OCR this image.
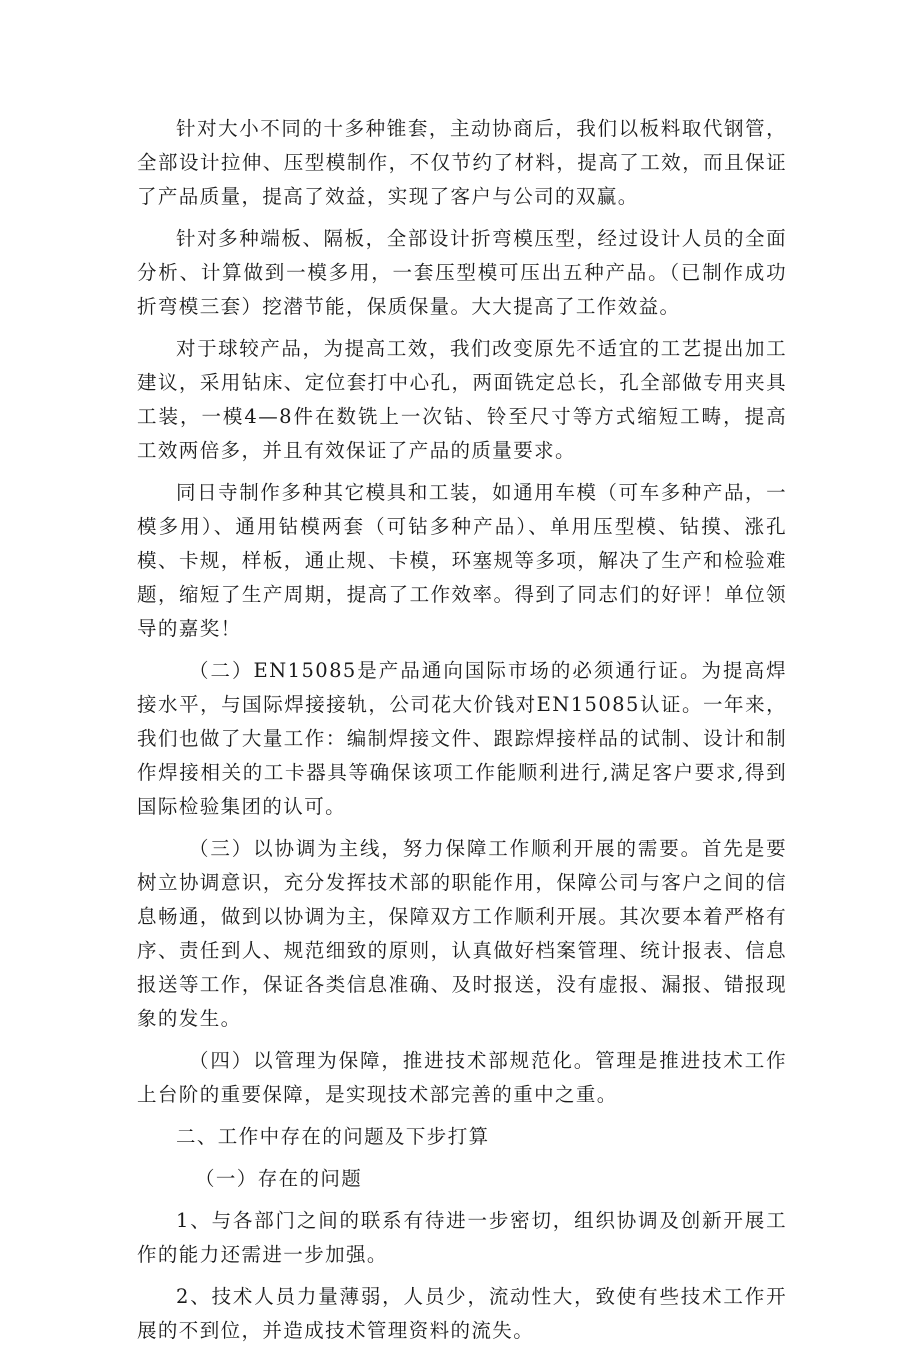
针对大小不同的十多种锥套，主动协商后，我们以板料取代钢管，全部设计拉伸、压型模制作，不仅节约了材料，提高了工效，而且保证了产品质量，提高了效益，实现了客户与公司的双赢。

针对多种端板、隔板，全部设计折弯模压型，经过设计人员的全面分析、计算做到一模多用，一套压型模可压出五种产品。（已制作成功折弯模三套）挖潜节能，保质保量。大大提高了工作效益。

对于球较产品，为提高工效，我们改变原先不适宜的工艺提出加工建议，采用钻床、定位套打中心孔，两面铣定总长，孔全部做专用夹具工装，一模4—8件在数铣上一次钻、铃至尺寸等方式缩短工畴，提高工效两倍多，并且有效保证了产品的质量要求。

同日寺制作多种其它模具和工装，如通用车模（可车多种产品，一模多用）、通用钻模两套（可钻多种产品）、单用压型模、钻摸、涨孔模、卡规，样板，通止规、卡模，环塞规等多项，解决了生产和检验难题，缩短了生产周期，提高了工作效率。得到了同志们的好评！单位领导的嘉奖！

（二）EN15085是产品通向国际市场的必须通行证。为提高焊接水平，与国际焊接接轨，公司花大价钱对EN15085认证。一年来，我们也做了大量工作：编制焊接文件、跟踪焊接样品的试制、设计和制作焊接相关的工卡器具等确保该项工作能顺利进行,满足客户要求,得到国际检验集团的认可。

（三）以协调为主线，努力保障工作顺利开展的需要。首先是要树立协调意识，充分发挥技术部的职能作用，保障公司与客户之间的信息畅通，做到以协调为主，保障双方工作顺利开展。其次要本着严格有序、责任到人、规范细致的原则，认真做好档案管理、统计报表、信息报送等工作，保证各类信息准确、及时报送，没有虚报、漏报、错报现象的发生。

（四）以管理为保障，推进技术部规范化。管理是推进技术工作上台阶的重要保障，是实现技术部完善的重中之重。

二、工作中存在的问题及下步打算

（一）存在的问题

1、与各部门之间的联系有待进一步密切，组织协调及创新开展工作的能力还需进一步加强。

2、技术人员力量薄弱，人员少，流动性大，致使有些技术工作开展的不到位，并造成技术管理资料的流失。
